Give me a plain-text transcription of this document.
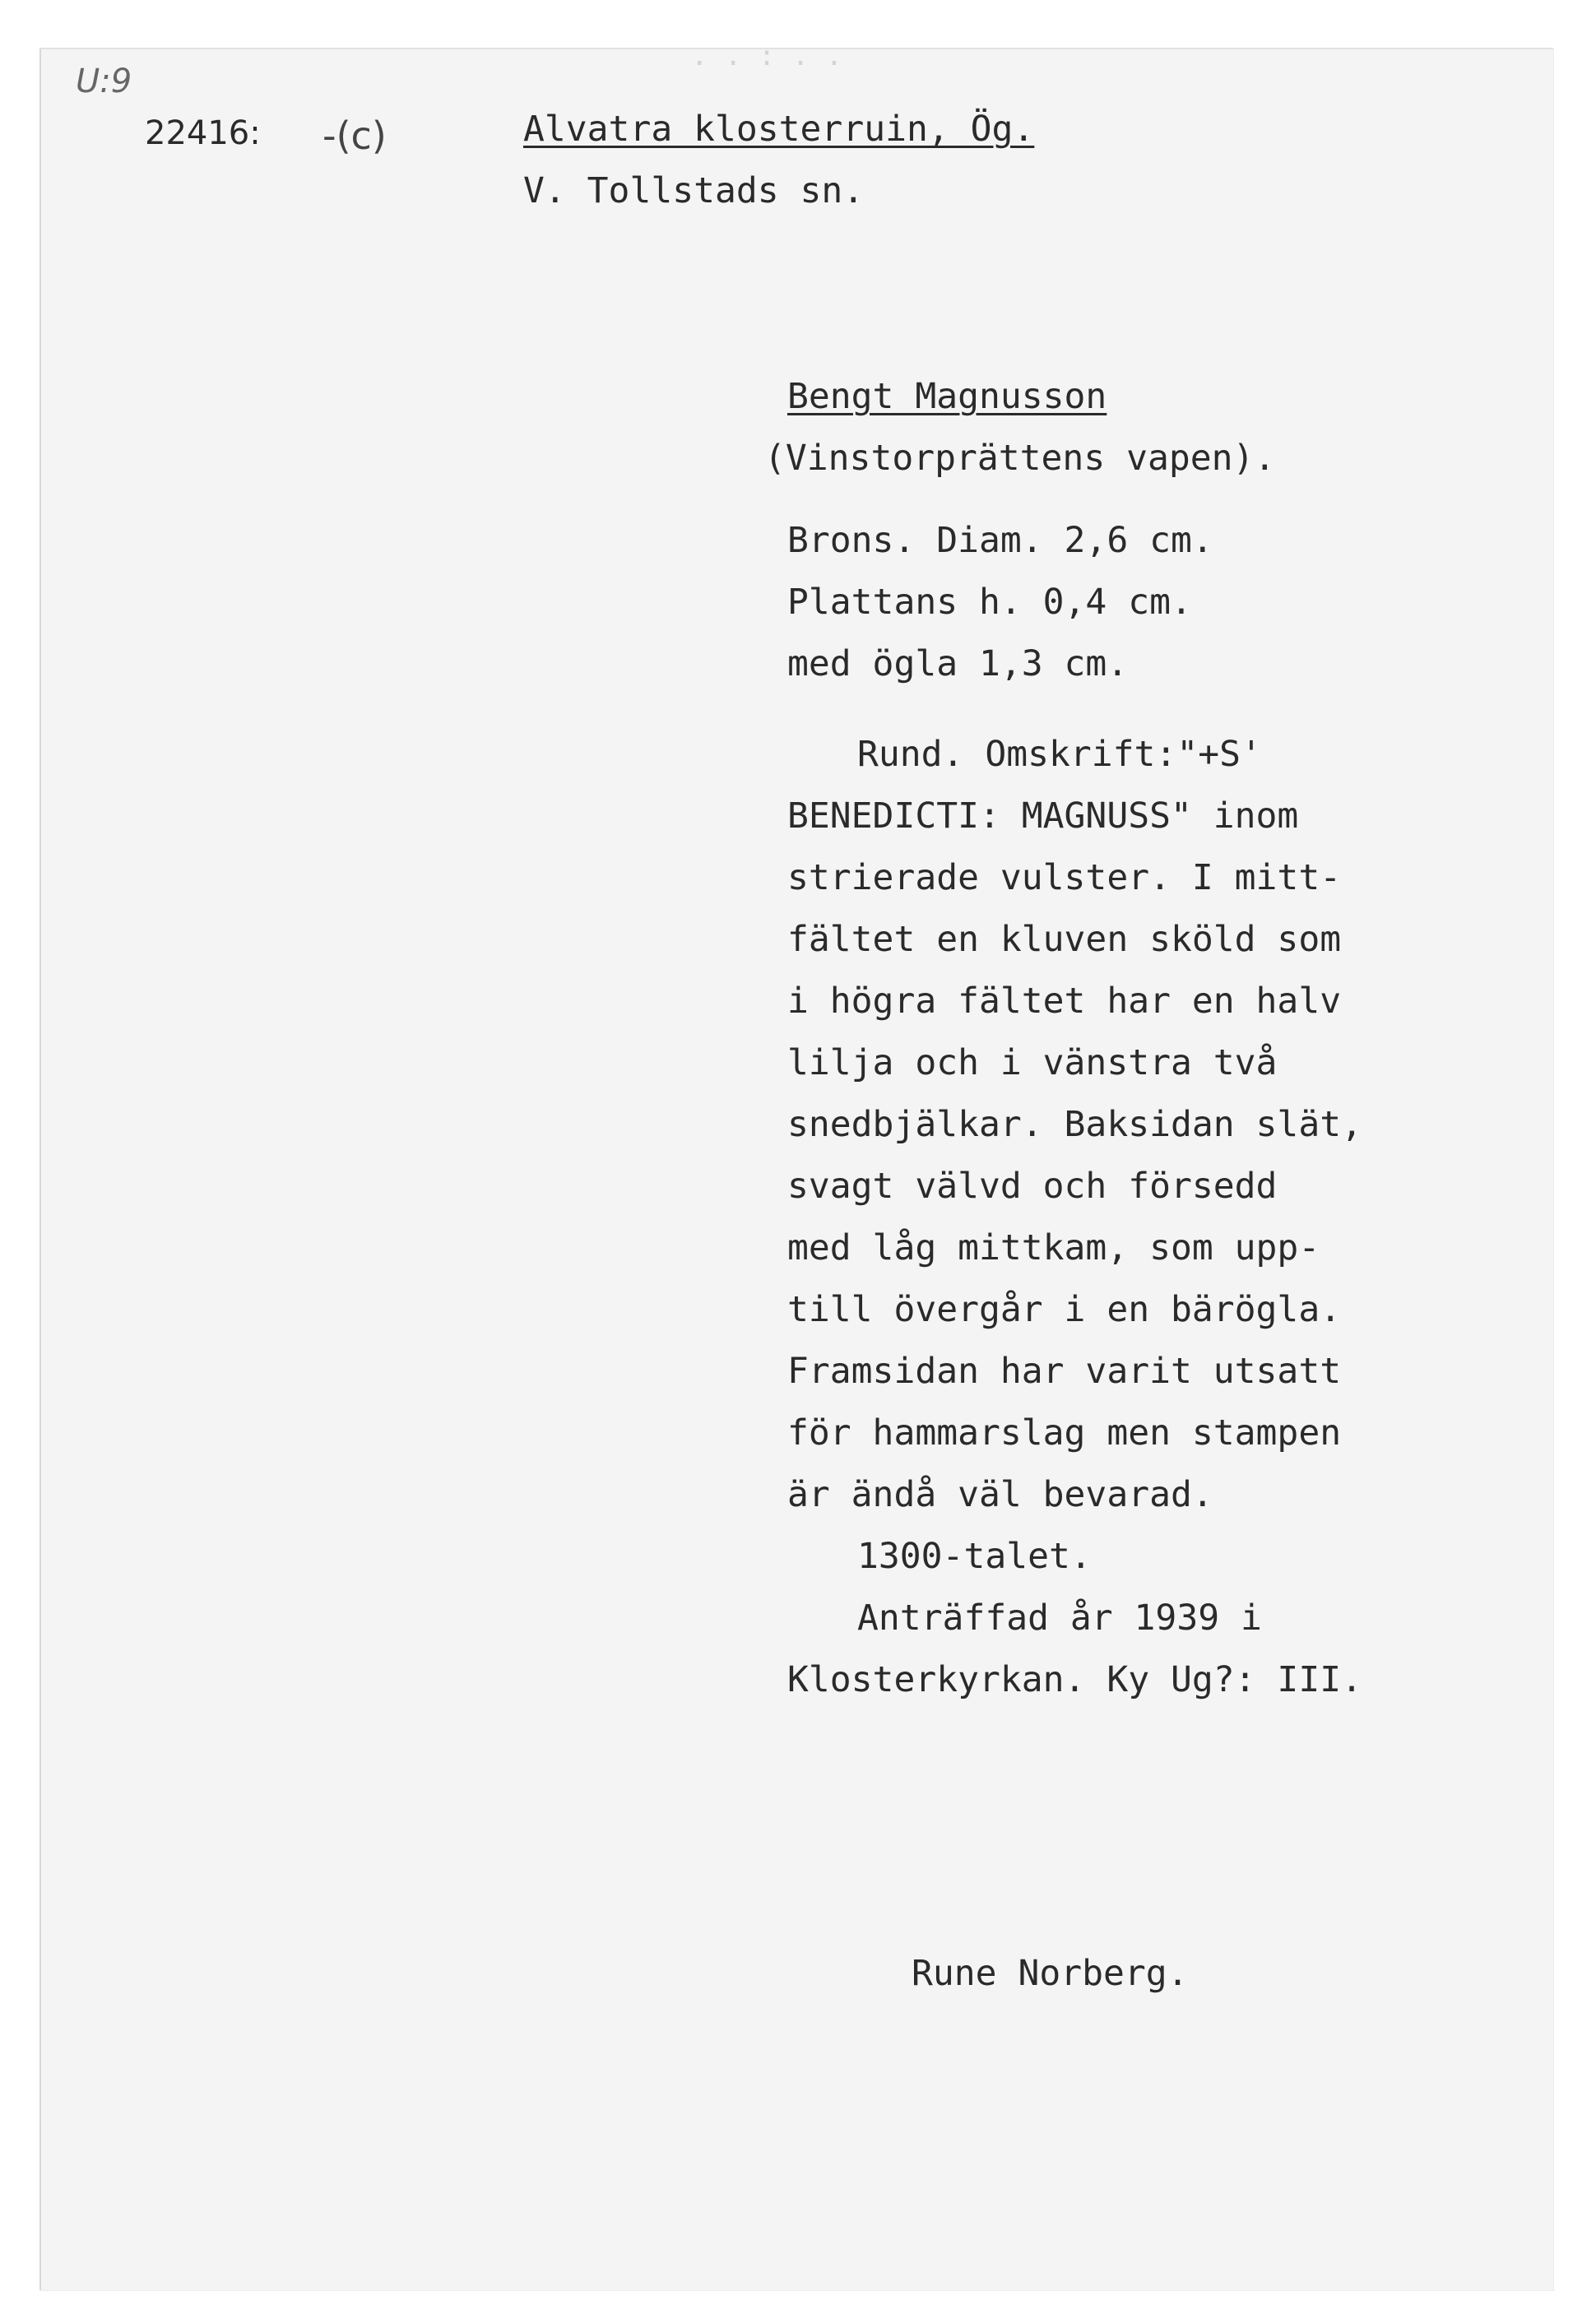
. . : . .
U:9
22416: -(c)	Alvatra klosterruin, Ög.
V. Tollstads sn.
Bengt Magnusson
(Vinstorprättens vapen).
Brons. Diam. 2,6 cm.
Plattans h. 0,4 cm.
med ögla 1,3 cm.
Rund. Omskrift:"+S'
BENEDICTI: MAGNUSS" inom
strierade vulster. I mitt-
fältet en kluven sköld som
i högra fältet har en halv
lilja och i vänstra två
snedbjälkar. Baksidan slät,
svagt välvd och försedd
med låg mittkam, som upp-
till övergår i en bärögla.
Framsidan har varit utsatt
för hammarslag men stampen
är ändå väl bevarad.
1300-talet.
Anträffad år 1939 i
Klosterkyrkan. Ky Ug?: III.
Rune Norberg.
